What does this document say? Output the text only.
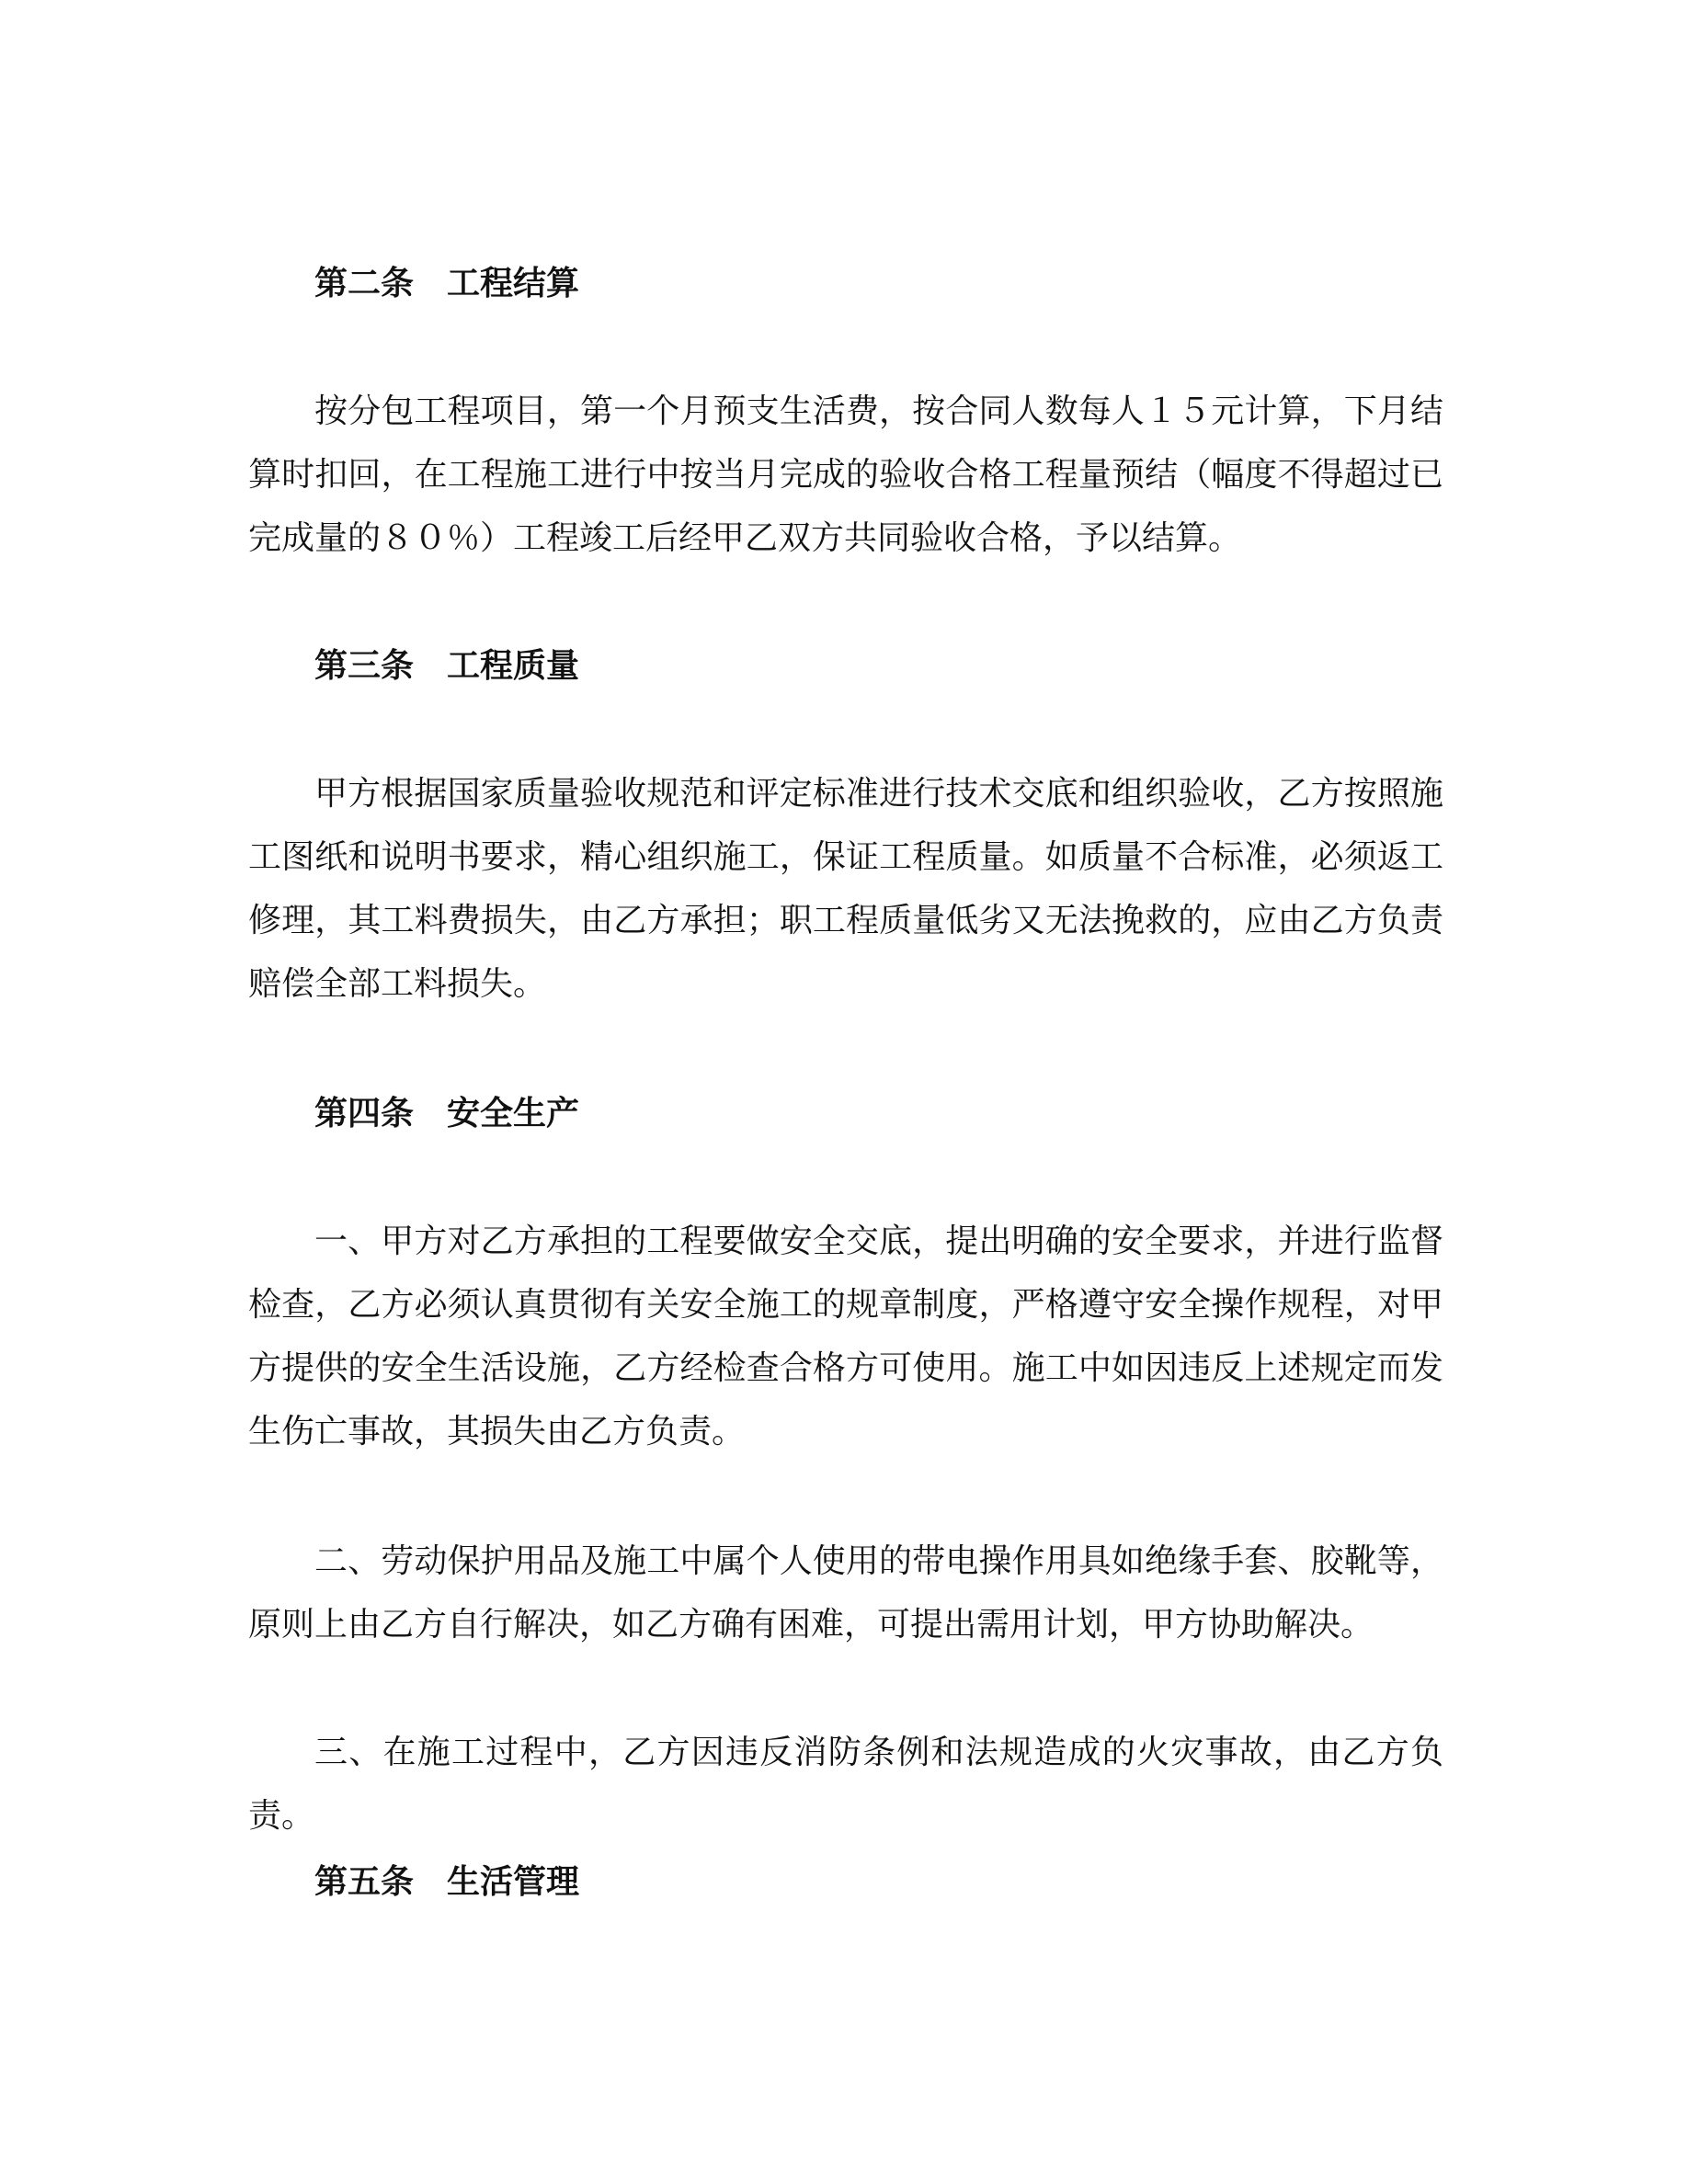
第二条　工程结算

按分包工程项目，第一个月预支生活费，按合同人数每人１５元计算，下月结算时扣回，在工程施工进行中按当月完成的验收合格工程量预结（幅度不得超过已完成量的８０％）工程竣工后经甲乙双方共同验收合格，予以结算。

第三条　工程质量

甲方根据国家质量验收规范和评定标准进行技术交底和组织验收，乙方按照施工图纸和说明书要求，精心组织施工，保证工程质量。如质量不合标准，必须返工修理，其工料费损失，由乙方承担；职工程质量低劣又无法挽救的，应由乙方负责赔偿全部工料损失。

第四条　安全生产

一、甲方对乙方承担的工程要做安全交底，提出明确的安全要求，并进行监督检查，乙方必须认真贯彻有关安全施工的规章制度，严格遵守安全操作规程，对甲方提供的安全生活设施，乙方经检查合格方可使用。施工中如因违反上述规定而发生伤亡事故，其损失由乙方负责。

二、劳动保护用品及施工中属个人使用的带电操作用具如绝缘手套、胶靴等，原则上由乙方自行解决，如乙方确有困难，可提出需用计划，甲方协助解决。

三、在施工过程中，乙方因违反消防条例和法规造成的火灾事故，由乙方负责。

第五条　生活管理
